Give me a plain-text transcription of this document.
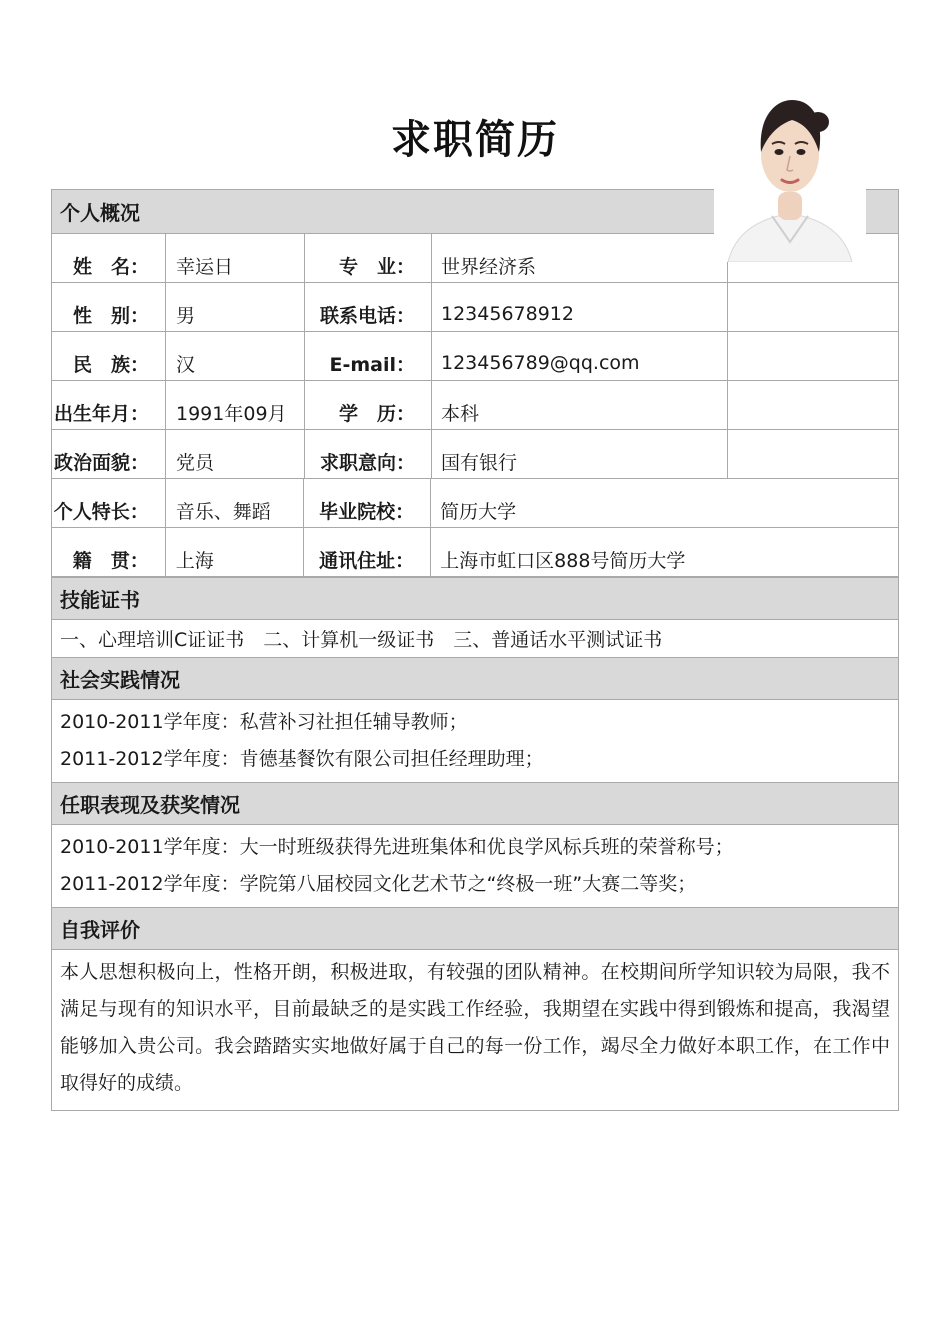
求职简历
个人概况
姓　名：	幸运日	专　业：	世界经济系
性　别：	男	联系电话：	12345678912
民　族：	汉	E-mail：	123456789@qq.com
出生年月：	1991年09月	学　历：	本科
政治面貌：	党员	求职意向：	国有银行
个人特长：	音乐、舞蹈	毕业院校：	简历大学
籍　贯：	上海	通讯住址：	上海市虹口区888号简历大学
技能证书
一、心理培训C证证书　二、计算机一级证书　三、普通话水平测试证书
社会实践情况
2010-2011学年度：私营补习社担任辅导教师；
2011-2012学年度：肯德基餐饮有限公司担任经理助理；
任职表现及获奖情况
2010-2011学年度：大一时班级获得先进班集体和优良学风标兵班的荣誉称号；
2011-2012学年度：学院第八届校园文化艺术节之“终极一班”大赛二等奖；
自我评价
本人思想积极向上，性格开朗，积极进取，有较强的团队精神。在校期间所学知识较为局限，我不满足与现有的知识水平，目前最缺乏的是实践工作经验，我期望在实践中得到锻炼和提高，我渴望能够加入贵公司。我会踏踏实实地做好属于自己的每一份工作，竭尽全力做好本职工作，在工作中取得好的成绩。
